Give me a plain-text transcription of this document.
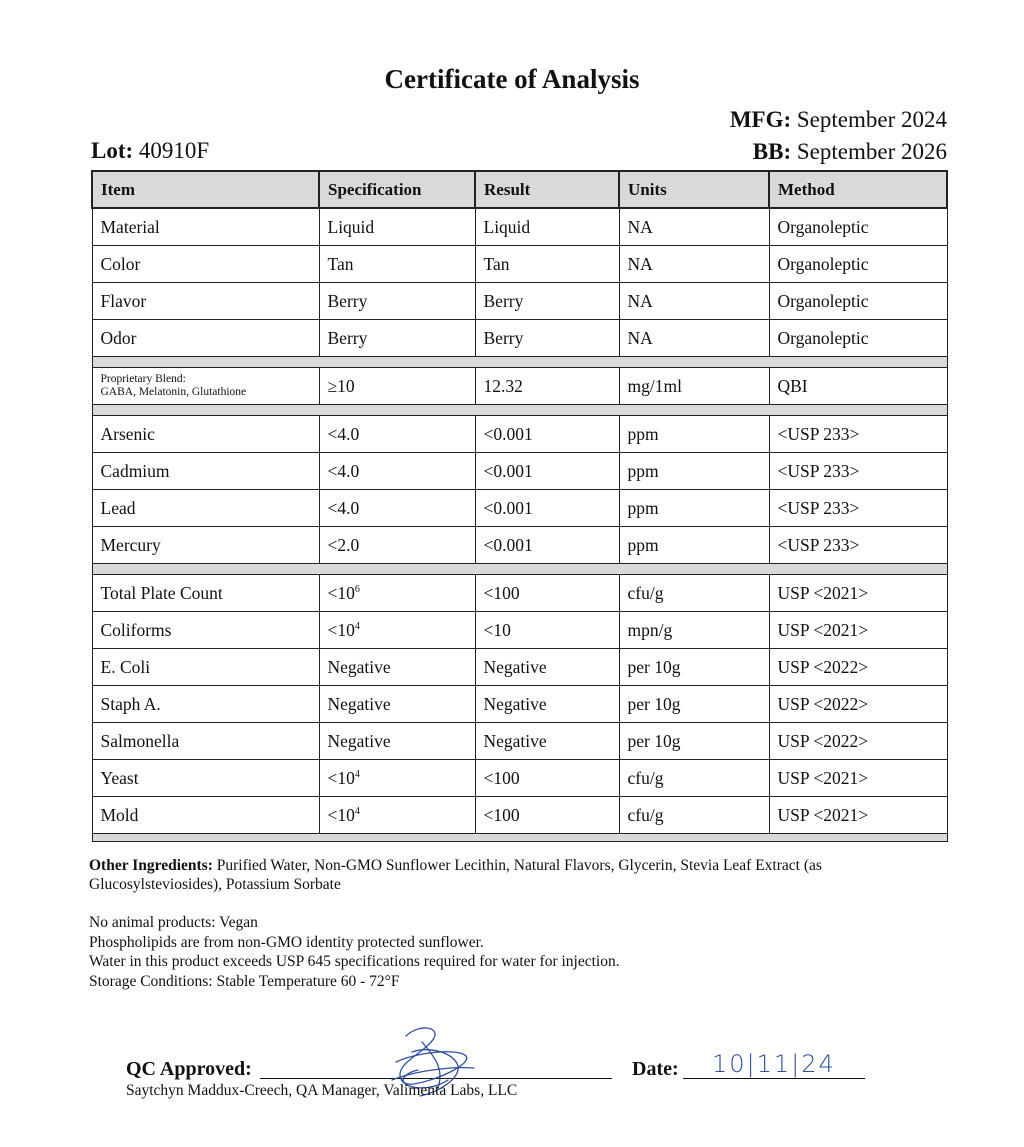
Certificate of Analysis
Lot: 40910F
MFG: September 2024
BB: September 2026
Item	Specification	Result	Units	Method
Material	Liquid	Liquid	NA	Organoleptic
Color	Tan	Tan	NA	Organoleptic
Flavor	Berry	Berry	NA	Organoleptic
Odor	Berry	Berry	NA	Organoleptic

Proprietary Blend:
GABA, Melatonin, Glutathione	≥10	12.32	mg/1ml	QBI

Arsenic	<4.0	<0.001	ppm	<USP 233>
Cadmium	<4.0	<0.001	ppm	<USP 233>
Lead	<4.0	<0.001	ppm	<USP 233>
Mercury	<2.0	<0.001	ppm	<USP 233>

Total Plate Count	$<10^6$	<100	cfu/g	USP <2021>
Coliforms	$<10^4$	<10	mpn/g	USP <2021>
E. Coli	Negative	Negative	per 10g	USP <2022>
Staph A.	Negative	Negative	per 10g	USP <2022>
Salmonella	Negative	Negative	per 10g	USP <2022>
Yeast	$<10^4$	<100	cfu/g	USP <2021>
Mold	$<10^4$	<100	cfu/g	USP <2021>

Other Ingredients: Purified Water, Non-GMO Sunflower Lecithin, Natural Flavors, Glycerin, Stevia Leaf Extract (as Glucosylsteviosides), Potassium Sorbate
No animal products: Vegan
Phospholipids are from non-GMO identity protected sunflower.
Water in this product exceeds USP 645 specifications required for water for injection.
Storage Conditions: Stable Temperature 60 - 72°F
QC Approved:
Saytchyn Maddux-Creech, QA Manager, Valimenta Labs, LLC
Date: 10|11|24
